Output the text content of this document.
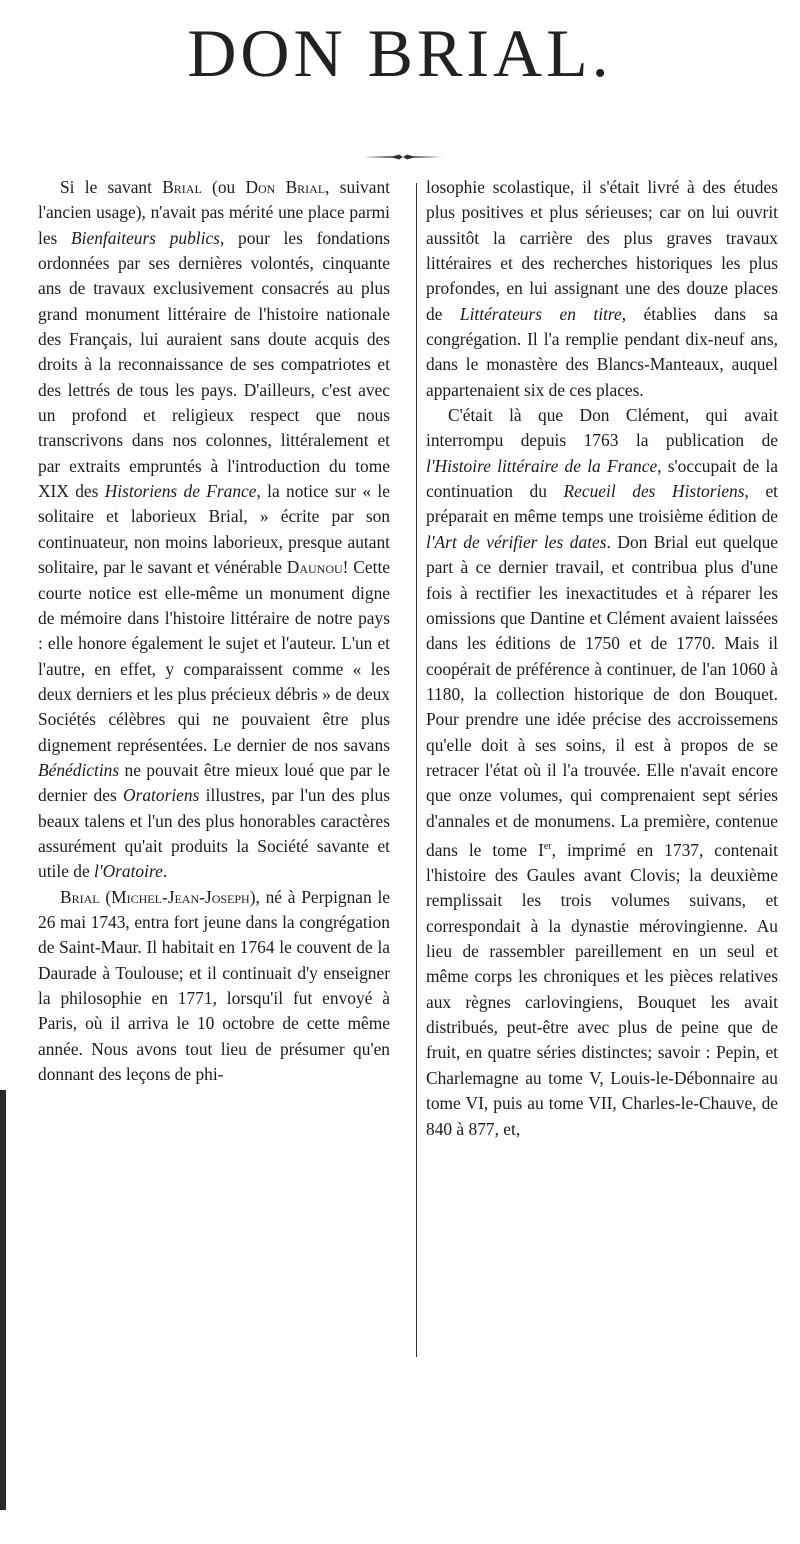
DON BRIAL.

Si le savant Brial (ou Don Brial, suivant l'ancien usage), n'avait pas mérité une place parmi les Bienfaiteurs publics, pour les fondations ordonnées par ses dernières volontés, cinquante ans de travaux exclusivement consacrés au plus grand monument littéraire de l'histoire nationale des Français, lui auraient sans doute acquis des droits à la reconnaissance de ses compatriotes et des lettrés de tous les pays. D'ailleurs, c'est avec un profond et religieux respect que nous transcrivons dans nos colonnes, littéralement et par extraits empruntés à l'introduction du tome XIX des Historiens de France, la notice sur « le solitaire et laborieux Brial, » écrite par son continuateur, non moins laborieux, presque autant solitaire, par le savant et vénérable Daunou! Cette courte notice est elle-même un monument digne de mémoire dans l'histoire littéraire de notre pays : elle honore également le sujet et l'auteur. L'un et l'autre, en effet, y comparaissent comme « les deux derniers et les plus précieux débris » de deux Sociétés célèbres qui ne pouvaient être plus dignement représentées. Le dernier de nos savans Bénédictins ne pouvait être mieux loué que par le dernier des Oratoriens illustres, par l'un des plus beaux talens et l'un des plus honorables caractères assurément qu'ait produits la Société savante et utile de l'Oratoire.

Brial (Michel-Jean-Joseph), né à Perpignan le 26 mai 1743, entra fort jeune dans la congrégation de Saint-Maur. Il habitait en 1764 le couvent de la Daurade à Toulouse; et il continuait d'y enseigner la philosophie en 1771, lorsqu'il fut envoyé à Paris, où il arriva le 10 octobre de cette même année. Nous avons tout lieu de présumer qu'en donnant des leçons de phi-

losophie scolastique, il s'était livré à des études plus positives et plus sérieuses; car on lui ouvrit aussitôt la carrière des plus graves travaux littéraires et des recherches historiques les plus profondes, en lui assignant une des douze places de Littérateurs en titre, établies dans sa congrégation. Il l'a remplie pendant dix-neuf ans, dans le monastère des Blancs-Manteaux, auquel appartenaient six de ces places.

C'était là que Don Clément, qui avait interrompu depuis 1763 la publication de l'Histoire littéraire de la France, s'occupait de la continuation du Recueil des Historiens, et préparait en même temps une troisième édition de l'Art de vérifier les dates. Don Brial eut quelque part à ce dernier travail, et contribua plus d'une fois à rectifier les inexactitudes et à réparer les omissions que Dantine et Clément avaient laissées dans les éditions de 1750 et de 1770. Mais il coopérait de préférence à continuer, de l'an 1060 à 1180, la collection historique de don Bouquet. Pour prendre une idée précise des accroissemens qu'elle doit à ses soins, il est à propos de se retracer l'état où il l'a trouvée. Elle n'avait encore que onze volumes, qui comprenaient sept séries d'annales et de monumens. La première, contenue dans le tome Ier, imprimé en 1737, contenait l'histoire des Gaules avant Clovis; la deuxième remplissait les trois volumes suivans, et correspondait à la dynastie mérovingienne. Au lieu de rassembler pareillement en un seul et même corps les chroniques et les pièces relatives aux règnes carlovingiens, Bouquet les avait distribués, peut-être avec plus de peine que de fruit, en quatre séries distinctes; savoir : Pepin, et Charlemagne au tome V, Louis-le-Débonnaire au tome VI, puis au tome VII, Charles-le-Chauve, de 840 à 877, et,
